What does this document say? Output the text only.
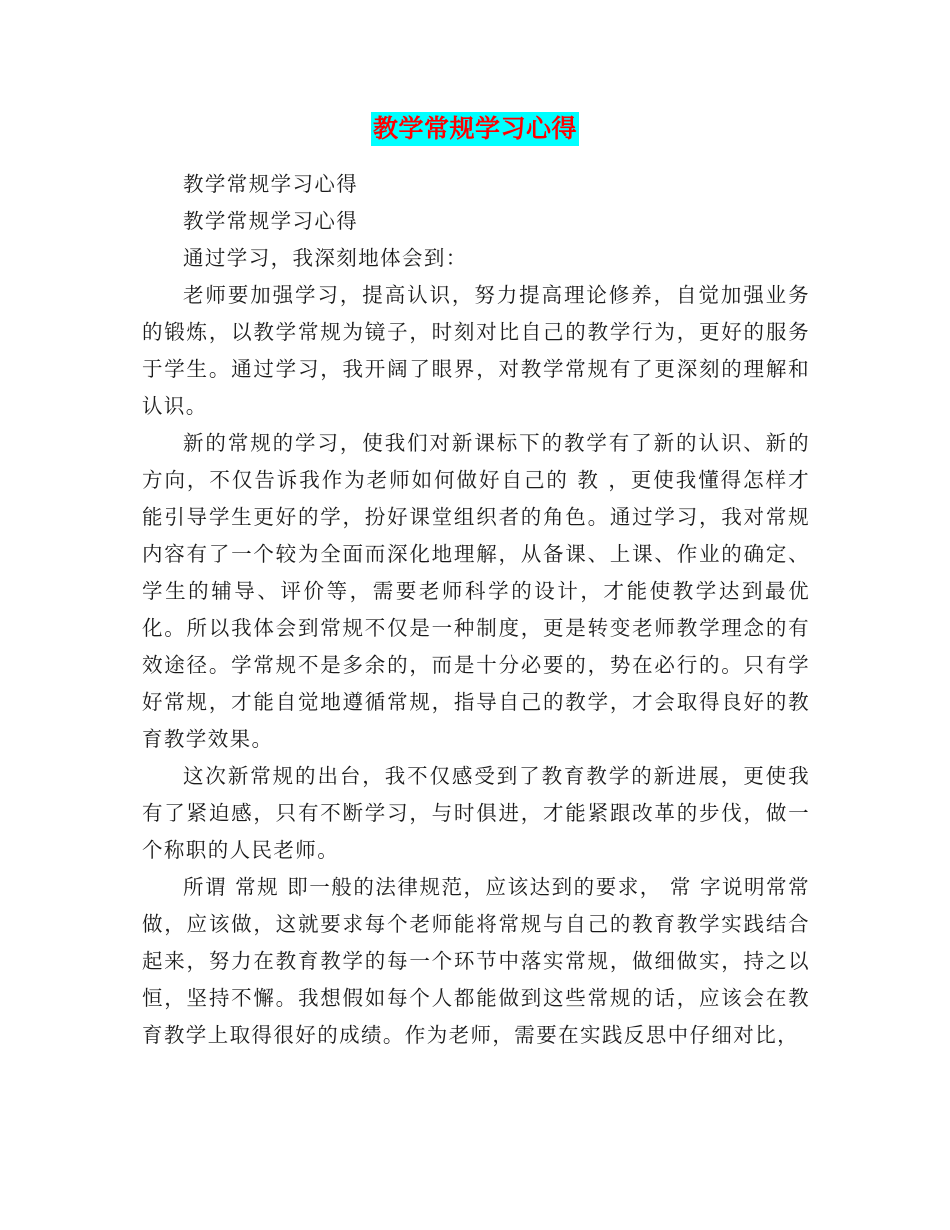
教学常规学习心得

教学常规学习心得

教学常规学习心得

通过学习，我深刻地体会到：

老师要加强学习，提高认识，努力提高理论修养，自觉加强业务的锻炼，以教学常规为镜子，时刻对比自己的教学行为，更好的服务于学生。通过学习，我开阔了眼界，对教学常规有了更深刻的理解和认识。

新的常规的学习，使我们对新课标下的教学有了新的认识、新的方向，不仅告诉我作为老师如何做好自己的 教 ，更使我懂得怎样才能引导学生更好的学，扮好课堂组织者的角色。通过学习，我对常规内容有了一个较为全面而深化地理解，从备课、上课、作业的确定、学生的辅导、评价等，需要老师科学的设计，才能使教学达到最优化。所以我体会到常规不仅是一种制度，更是转变老师教学理念的有效途径。学常规不是多余的，而是十分必要的，势在必行的。只有学好常规，才能自觉地遵循常规，指导自己的教学，才会取得良好的教育教学效果。

这次新常规的出台，我不仅感受到了教育教学的新进展，更使我有了紧迫感，只有不断学习，与时俱进，才能紧跟改革的步伐，做一个称职的人民老师。

所谓 常规 即一般的法律规范，应该达到的要求， 常 字说明常常做，应该做，这就要求每个老师能将常规与自己的教育教学实践结合起来，努力在教育教学的每一个环节中落实常规，做细做实，持之以恒，坚持不懈。我想假如每个人都能做到这些常规的话，应该会在教育教学上取得很好的成绩。作为老师，需要在实践反思中仔细对比，
